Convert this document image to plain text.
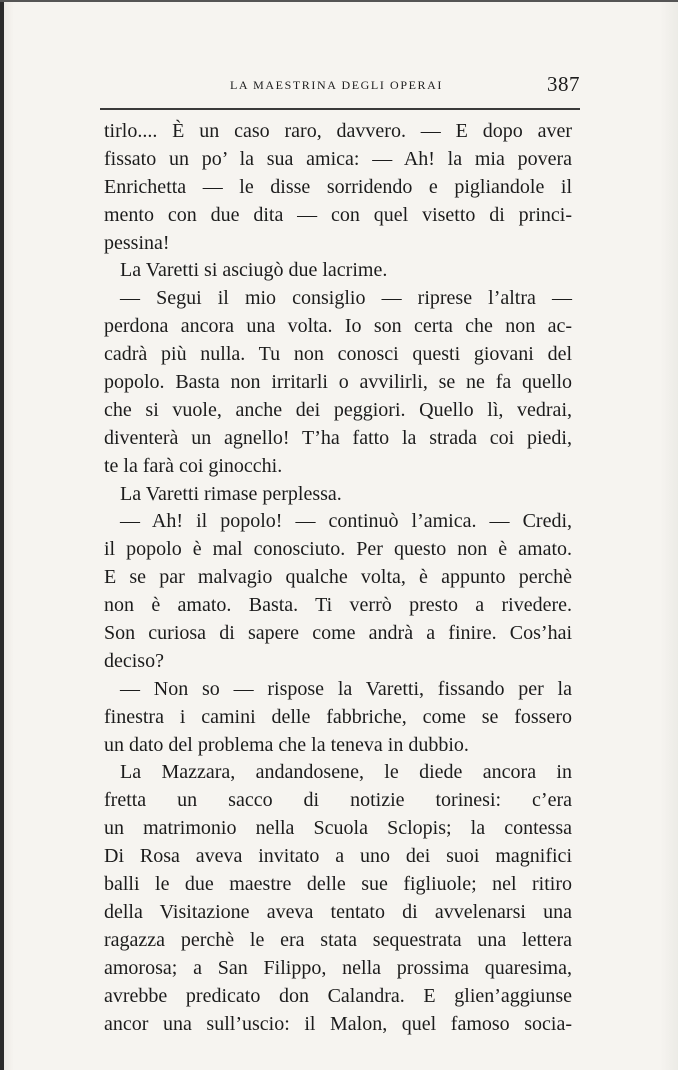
LA MAESTRINA DEGLI OPERAI	387
tirlo.... È un caso raro, davvero. — E dopo aver
fissato un po’ la sua amica: — Ah! la mia povera
Enrichetta — le disse sorridendo e pigliandole il
mento con due dita — con quel visetto di princi-
pessina!
La Varetti si asciugò due lacrime.
— Segui il mio consiglio — riprese l’altra —
perdona ancora una volta. Io son certa che non ac-
cadrà più nulla. Tu non conosci questi giovani del
popolo. Basta non irritarli o avvilirli, se ne fa quello
che si vuole, anche dei peggiori. Quello lì, vedrai,
diventerà un agnello! T’ha fatto la strada coi piedi,
te la farà coi ginocchi.
La Varetti rimase perplessa.
— Ah! il popolo! — continuò l’amica. — Credi,
il popolo è mal conosciuto. Per questo non è amato.
E se par malvagio qualche volta, è appunto perchè
non è amato. Basta. Ti verrò presto a rivedere.
Son curiosa di sapere come andrà a finire. Cos’hai
deciso?
— Non so — rispose la Varetti, fissando per la
finestra i camini delle fabbriche, come se fossero
un dato del problema che la teneva in dubbio.
La Mazzara, andandosene, le diede ancora in
fretta un sacco di notizie torinesi: c’era
un matrimonio nella Scuola Sclopis; la contessa
Di Rosa aveva invitato a uno dei suoi magnifici
balli le due maestre delle sue figliuole; nel ritiro
della Visitazione aveva tentato di avvelenarsi una
ragazza perchè le era stata sequestrata una lettera
amorosa; a San Filippo, nella prossima quaresima,
avrebbe predicato don Calandra. E glien’aggiunse
ancor una sull’uscio: il Malon, quel famoso socia-
